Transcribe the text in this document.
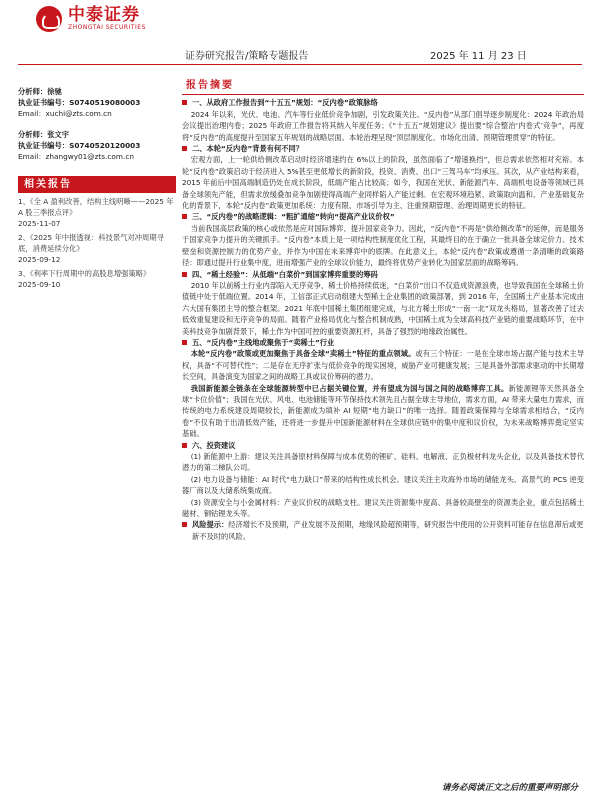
中泰证券
ZHONGTAI SECURITIES
证券研究报告/策略专题报告	2025 年 11 月 23 日
分析师：徐驰
执业证书编号：S0740519080003
Email：xuchi@zts.com.cn
分析师：张文宇
执业证书编号：S0740520120003
Email：zhangwy01@zts.com.cn
相关报告
1、《全 A 盈利改善，结构主线明晰——2025 年 A 股三季报点评》
2025-11-07
2、《2025 年中报透视：科技景气对冲周期寻底，消费延续分化》
2025-09-12
3、《利率下行周期中的高股息增强策略》
2025-09-10
报告摘要
一、从政府工作报告到“十五五”规划：“反内卷”政策脉络
2024 年以来，光伏、电池、汽车等行业低价竞争加剧，引发政策关注。“反内卷”从部门倡导逐步制度化：2024 年政治局会议提出治理内卷；2025 年政府工作报告将其纳入年度任务；《“十五五”规划建议》提出要“综合整治‘内卷式’竞争”，再度将“反内卷”的高度提升至国家五年规划的战略层面。本轮治理呈现“顶层制度化、市场化出清、预期管理贯穿”的特征。
二、本轮“反内卷”背景有何不同？
宏观方面，上一轮供给侧改革启动时经济增速约在 6%以上的阶段，虽然面临了“增速换挡”，但总需求依然相对充裕。本轮“反内卷”政策启动于经济进入 5%甚至更低增长的新阶段，投资、消费、出口“三驾马车”均承压。其次，从产业结构来看，2015 年前后中国高端制造仍处在成长阶段，低端产能占比较高；如今，我国在光伏、新能源汽车、高端机电设备等领域已具备全球领先产能，但需求放缓叠加竞争加剧使得高端产业同样陷入产能过剩。在宏观环境趋紧、政策取向温和、产业基础复杂化的背景下，本轮“反内卷”政策更加系统：力度有限、市场引导为主、注重预期管理、治理周期更长的特征。
三、“反内卷”的战略逻辑：“粗扩通缩”转向“提高产业议价权”
当前我国高层政策的核心或依然是应对国际博弈、提升国家竞争力。因此，“反内卷”不再是“供给侧改革”的延伸，而是服务于国家竞争力提升的关键抓手。“反内卷”本质上是一项结构性制度优化工程，其最终目的在于确立一批具备全球定价力、技术壁垒和资源控制力的优势产业，并作为中国在未来博弈中的底牌。在此意义上，本轮“反内卷”政策或遵循一条清晰的政策路径：即通过提升行业集中度，进而增强产业的全球议价能力，最终将优势产业转化为国家层面的战略筹码。
四、“稀土经验”：从低端“白菜价”到国家博弈重要的筹码
2010 年以前稀土行业内部陷入无序竞争，稀土价格持续低迷，“白菜价”出口不仅造成资源浪费，也导致我国在全球稀土价值链中处于低端位置。2014 年，工信部正式启动组建大型稀土企业集团的政策部署，到 2016 年，全国稀土产业基本完成由六大国有集团主导的整合框架。2021 年底中国稀土集团组建完成，与北方稀土形成“一南一北”双龙头格局，显著改善了过去低效重复建设和无序竞争的局面。随着产业格局优化与整合机制成熟，中国稀土成为全球高科技产业链的重要战略环节，在中美科技竞争加剧背景下，稀土作为中国可控的重要资源杠杆，具备了强烈的地缘政治属性。
五、“反内卷”主线地或聚焦于“卖稀土”行业
本轮“反内卷”政策或更加聚焦于具备全球“卖稀土”特征的重点领域。或有三个特征：一是在全球市场占据产能与技术主导权，具备“不可替代性”；二是存在无序扩张与低价竞争的现实困境，威胁产业可健康发展；三是具备外部需求驱动的中长期增长空间，具备演变为国家之间的战略工具或议价筹码的潜力。
我国新能源全链条在全球能源转型中已占据关键位置，并有望成为国与国之间的战略博弈工具。新能源锂等天然具备全球“卡位价值”；我国在光伏、风电、电池储能等环节保持技术领先且占据全球主导地位，需求方面，AI 带来大量电力需求，而传统的电力系统建设周期较长，新能源成为填补 AI 短期“电力缺口”的唯一选择。随着政策保障与全球需求相结合，“反内卷”不仅有助于出清低效产能，还将进一步提升中国新能源材料在全球供应链中的集中度和议价权，为未来战略博弈奠定坚实基础。
六、投资建议
(1) 新能源中上游：建议关注具备原材料保障与成本优势的锂矿、硅料、电解液、正负极材料龙头企业，以及具备技术替代潜力的第二梯队公司。
(2) 电力设备与储能：AI 时代“电力缺口”带来的结构性成长机会。建议关注主攻海外市场的储能龙头、高景气的 PCS 逆变器厂商以及大储系统集成商。
(3) 资源安全与小金属材料：产业议价权的战略支柱。建议关注资源集中度高、具备较高壁垒的资源类企业，重点包括稀土磁材、铜钴锂龙头等。
风险提示：经济增长不及预期，产业发展不及预期，地缘风险超预期等，研究报告中使用的公开资料可能存在信息滞后或更新不及时的风险。
请务必阅读正文之后的重要声明部分
